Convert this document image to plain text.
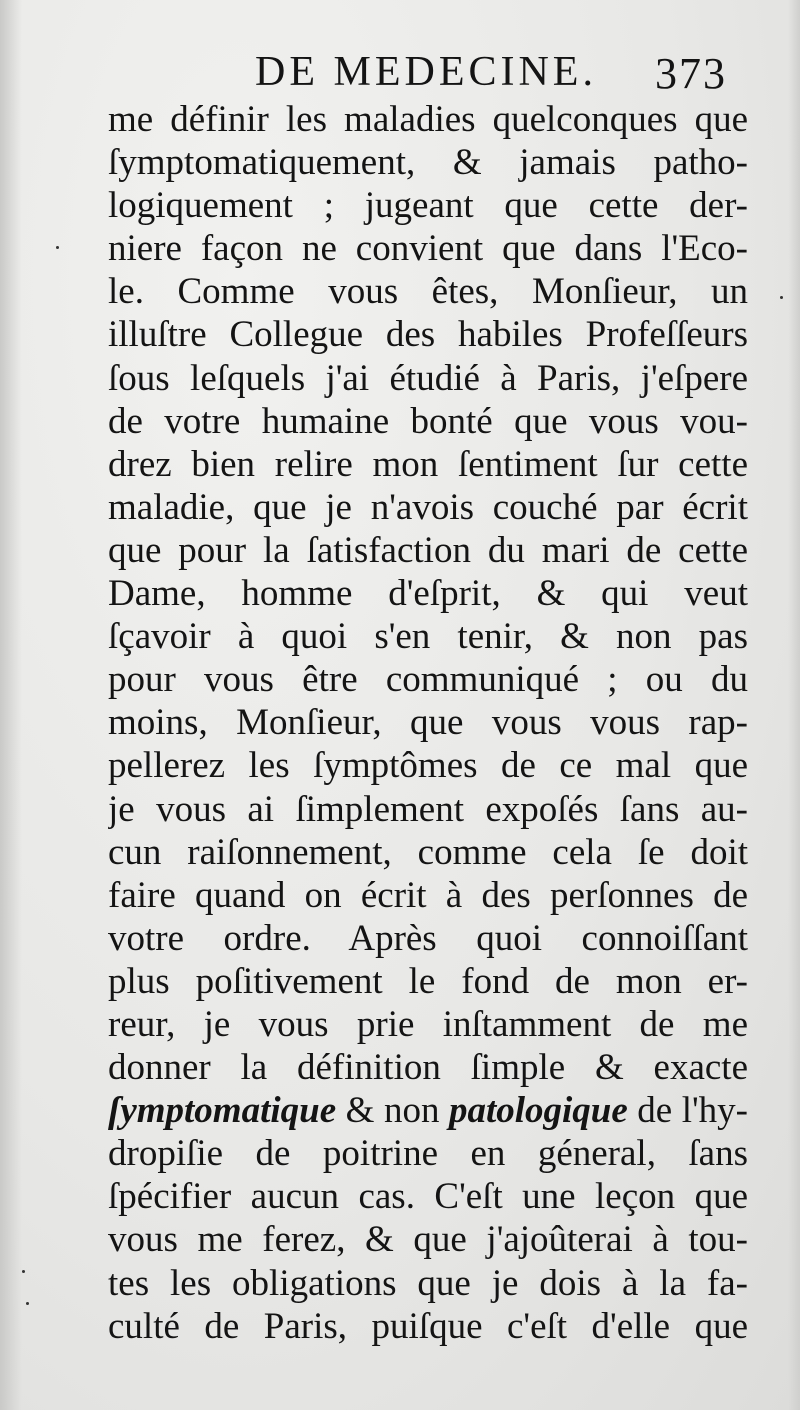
DE MEDECINE. 373
me définir les maladies quelconques que
ſymptomatiquement, & jamais patho-
logiquement ; jugeant que cette der-
niere façon ne convient que dans l'Eco-
le. Comme vous êtes, Monſieur, un
illuſtre Collegue des habiles Profeſſeurs
ſous leſquels j'ai étudié à Paris, j'eſpere
de votre humaine bonté que vous vou-
drez bien relire mon ſentiment ſur cette
maladie, que je n'avois couché par écrit
que pour la ſatisfaction du mari de cette
Dame, homme d'eſprit, & qui veut
ſçavoir à quoi s'en tenir, & non pas
pour vous être communiqué ; ou du
moins, Monſieur, que vous vous rap-
pellerez les ſymptômes de ce mal que
je vous ai ſimplement expoſés ſans au-
cun raiſonnement, comme cela ſe doit
faire quand on écrit à des perſonnes de
votre ordre. Après quoi connoiſſant
plus poſitivement le fond de mon er-
reur, je vous prie inſtamment de me
donner la définition ſimple & exacte
ſymptomatique & non patologique de l'hy-
dropiſie de poitrine en géneral, ſans
ſpécifier aucun cas. C'eſt une leçon que
vous me ferez, & que j'ajoûterai à tou-
tes les obligations que je dois à la fa-
culté de Paris, puiſque c'eſt d'elle que
